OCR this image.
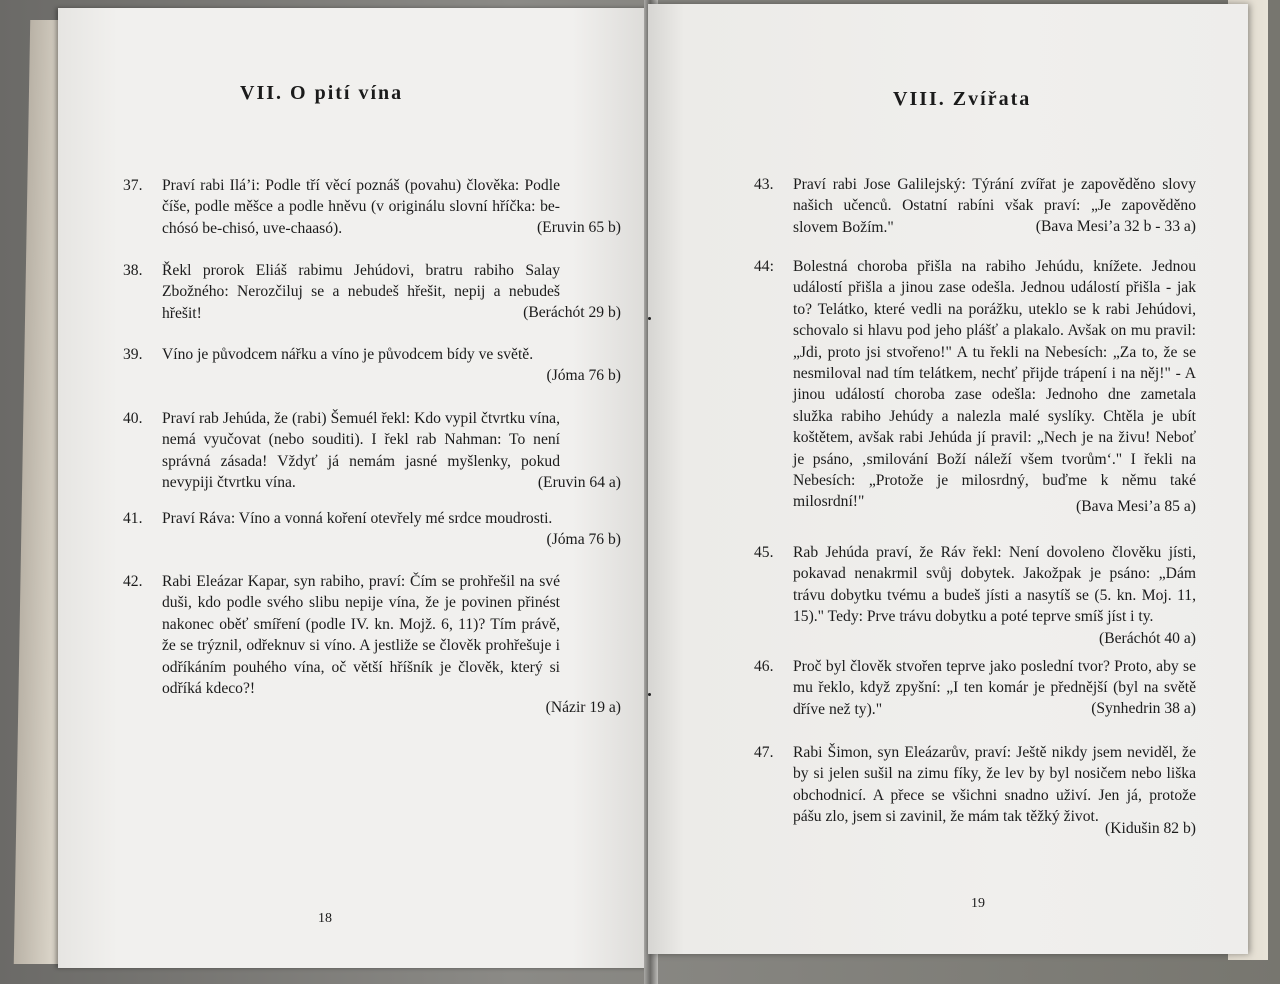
VII. O pití vína
37. Praví rabi Ilá’i: Podle tří věcí poznáš (povahu) člověka: Podle číše, podle měšce a podle hněvu (v originálu slovní hříčka: be-chósó be-chisó, uve-chaasó).	(Eruvin 65 b)
38. Řekl prorok Eliáš rabimu Jehúdovi, bratru rabiho Salay Zbožného: Nerozčiluj se a nebudeš hřešit, nepij a nebudeš hřešit!	(Beráchót 29 b)
39. Víno je původcem nářku a víno je původcem bídy ve světě.
(Jóma 76 b)
40. Praví rab Jehúda, že (rabi) Šemuél řekl: Kdo vypil čtvrtku vína, nemá vyučovat (nebo souditi). I řekl rab Nahman: To není správná zásada! Vždyť já nemám jasné myšlenky, pokud nevypiji čtvrtku vína.	(Eruvin 64 a)
41. Praví Ráva: Víno a vonná koření otevřely mé srdce moudrosti.
(Jóma 76 b)
42. Rabi Eleázar Kapar, syn rabiho, praví: Čím se prohřešil na své duši, kdo podle svého slibu nepije vína, že je povinen přinést nakonec oběť smíření (podle IV. kn. Mojž. 6, 11)? Tím právě, že se trýznil, odřeknuv si víno. A jestliže se člověk prohřešuje i odříkáním pouhého vína, oč větší hříšník je člověk, který si odříká kdeco?!
(Názir 19 a)
18
VIII. Zvířata
43. Praví rabi Jose Galilejský: Týrání zvířat je zapověděno slovy našich učenců. Ostatní rabíni však praví: „Je zapověděno slovem Božím."	(Bava Mesi’a 32 b - 33 a)
44: Bolestná choroba přišla na rabiho Jehúdu, knížete. Jednou událostí přišla a jinou zase odešla. Jednou událostí přišla - jak to? Telátko, které vedli na porážku, uteklo se k rabi Jehúdovi, schovalo si hlavu pod jeho plášť a plakalo. Avšak on mu pravil: „Jdi, proto jsi stvořeno!" A tu řekli na Nebesích: „Za to, že se nesmiloval nad tím telátkem, nechť přijde trápení i na něj!" - A jinou událostí choroba zase odešla: Jednoho dne zametala služka rabiho Jehúdy a nalezla malé syslíky. Chtěla je ubít koštětem, avšak rabi Jehúda jí pravil: „Nech je na živu! Neboť je psáno, ‚smilování Boží náleží všem tvorům‘." I řekli na Nebesích: „Protože je milosrdný, buďme k němu také milosrdní!"	(Bava Mesi’a 85 a)
45. Rab Jehúda praví, že Ráv řekl: Není dovoleno člověku jísti, pokavad nenakrmil svůj dobytek. Jakožpak je psáno: „Dám trávu dobytku tvému a budeš jísti a nasytíš se (5. kn. Moj. 11, 15)." Tedy: Prve trávu dobytku a poté teprve smíš jíst i ty.
(Beráchót 40 a)
46. Proč byl člověk stvořen teprve jako poslední tvor? Proto, aby se mu řeklo, když zpyšní: „I ten komár je přednější (byl na světě dříve než ty)."	(Synhedrin 38 a)
47. Rabi Šimon, syn Eleázarův, praví: Ještě nikdy jsem neviděl, že by si jelen sušil na zimu fíky, že lev by byl nosičem nebo liška obchodnicí. A přece se všichni snadno uživí. Jen já, protože pášu zlo, jsem si zavinil, že mám tak těžký život.
(Kidušin 82 b)
19
